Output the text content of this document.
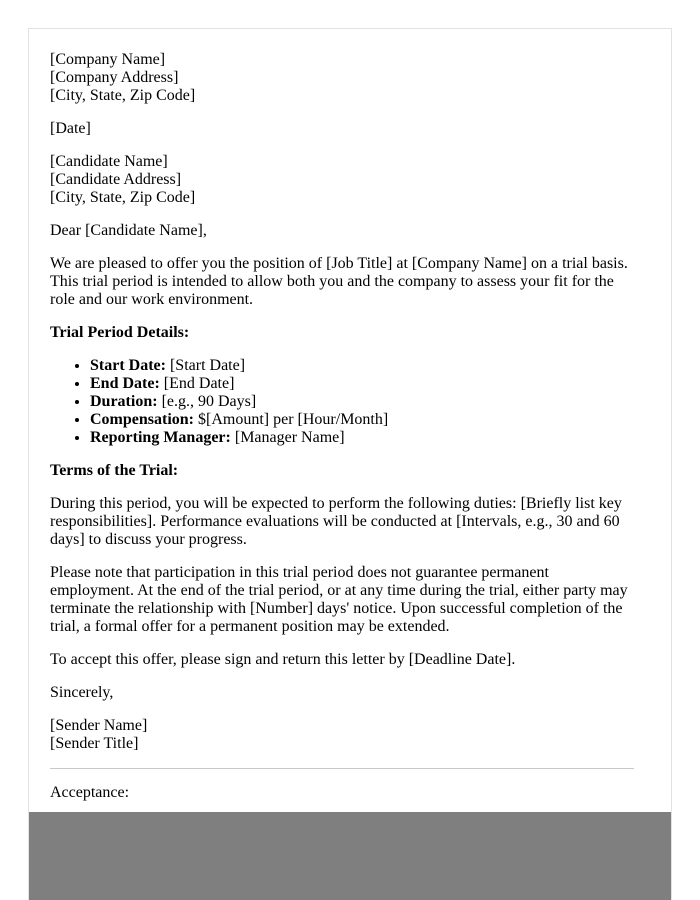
[Company Name]
[Company Address]
[City, State, Zip Code]

[Date]

[Candidate Name]
[Candidate Address]
[City, State, Zip Code]

Dear [Candidate Name],

We are pleased to offer you the position of [Job Title] at [Company Name] on a trial basis. This trial period is intended to allow both you and the company to assess your fit for the role and our work environment.

Trial Period Details:

• Start Date: [Start Date]
• End Date: [End Date]
• Duration: [e.g., 90 Days]
• Compensation: $[Amount] per [Hour/Month]
• Reporting Manager: [Manager Name]

Terms of the Trial:

During this period, you will be expected to perform the following duties: [Briefly list key responsibilities]. Performance evaluations will be conducted at [Intervals, e.g., 30 and 60 days] to discuss your progress.

Please note that participation in this trial period does not guarantee permanent employment. At the end of the trial period, or at any time during the trial, either party may terminate the relationship with [Number] days' notice. Upon successful completion of the trial, a formal offer for a permanent position may be extended.

To accept this offer, please sign and return this letter by [Deadline Date].

Sincerely,

[Sender Name]
[Sender Title]

Acceptance:
